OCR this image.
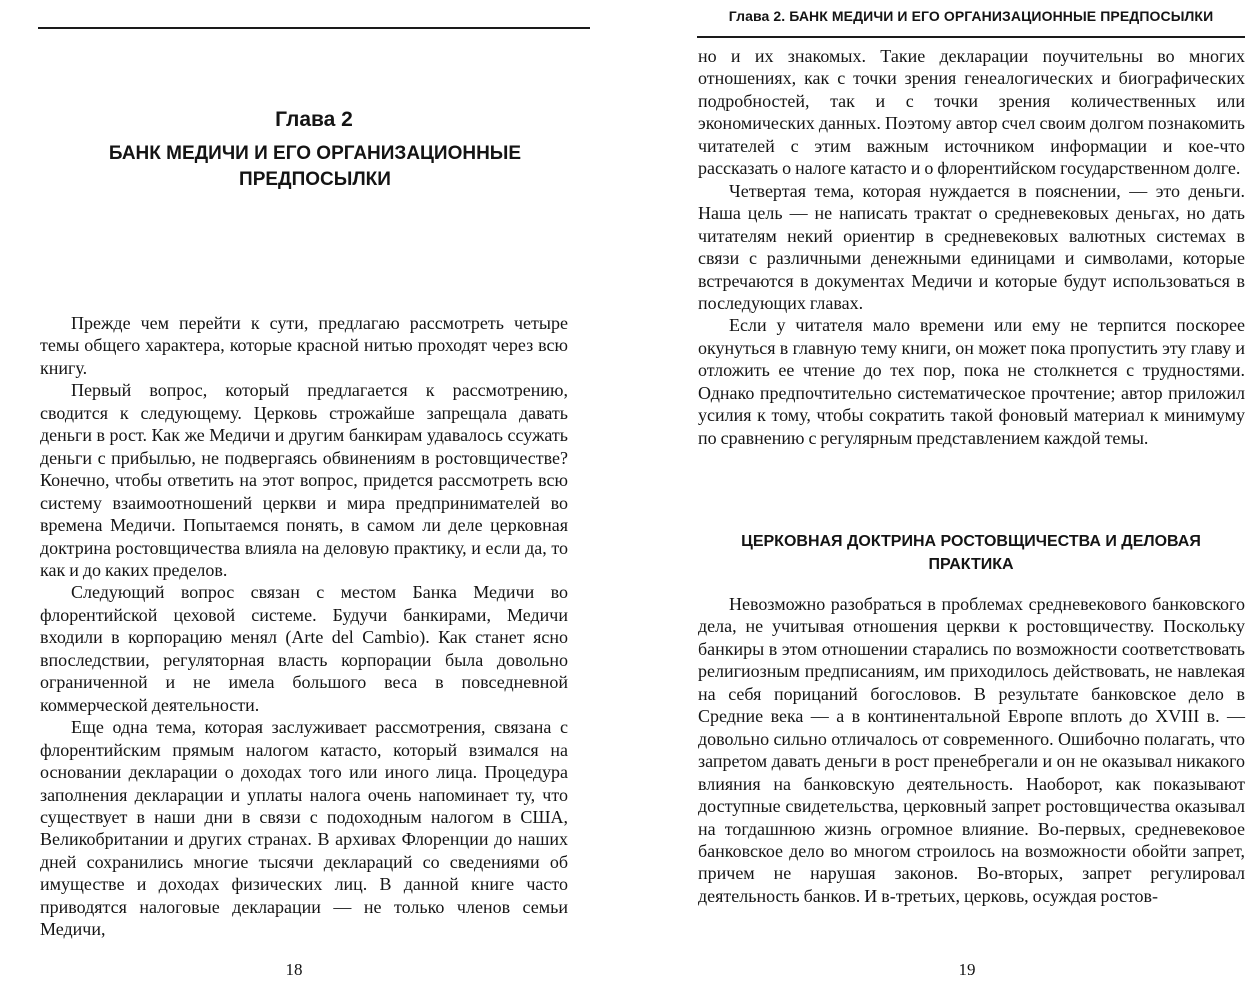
Глава 2
БАНК МЕДИЧИ И ЕГО ОРГАНИЗАЦИОННЫЕ ПРЕДПОСЫЛКИ

Прежде чем перейти к сути, предлагаю рассмотреть четыре темы общего характера, которые красной нитью проходят через всю книгу.

Первый вопрос, который предлагается к рассмотрению, сводится к следующему. Церковь строжайше запрещала давать деньги в рост. Как же Медичи и другим банкирам удавалось ссужать деньги с прибылью, не подвергаясь обвинениям в ростовщичестве? Конечно, чтобы ответить на этот вопрос, придется рассмотреть всю систему взаимоотношений церкви и мира предпринимателей во времена Медичи. Попытаемся понять, в самом ли деле церковная доктрина ростовщичества влияла на деловую практику, и если да, то как и до каких пределов.

Следующий вопрос связан с местом Банка Медичи во флорентийской цеховой системе. Будучи банкирами, Медичи входили в корпорацию менял (Arte del Cambio). Как станет ясно впоследствии, регуляторная власть корпорации была довольно ограниченной и не имела большого веса в повседневной коммерческой деятельности.

Еще одна тема, которая заслуживает рассмотрения, связана с флорентийским прямым налогом катасто, который взимался на основании декларации о доходах того или иного лица. Процедура заполнения декларации и уплаты налога очень напоминает ту, что существует в наши дни в связи с подоходным налогом в США, Великобритании и других странах. В архивах Флоренции до наших дней сохранились многие тысячи деклараций со сведениями об имуществе и доходах физических лиц. В данной книге часто приводятся налоговые декларации — не только членов семьи Медичи,

18
Глава 2. БАНК МЕДИЧИ И ЕГО ОРГАНИЗАЦИОННЫЕ ПРЕДПОСЫЛКИ

но и их знакомых. Такие декларации поучительны во многих отношениях, как с точки зрения генеалогических и биографических подробностей, так и с точки зрения количественных или экономических данных. Поэтому автор счел своим долгом познакомить читателей с этим важным источником информации и кое-что рассказать о налоге катасто и о флорентийском государственном долге.

Четвертая тема, которая нуждается в пояснении, — это деньги. Наша цель — не написать трактат о средневековых деньгах, но дать читателям некий ориентир в средневековых валютных системах в связи с различными денежными единицами и символами, которые встречаются в документах Медичи и которые будут использоваться в последующих главах.

Если у читателя мало времени или ему не терпится поскорее окунуться в главную тему книги, он может пока пропустить эту главу и отложить ее чтение до тех пор, пока не столкнется с трудностями. Однако предпочтительно систематическое прочтение; автор приложил усилия к тому, чтобы сократить такой фоновый материал к минимуму по сравнению с регулярным представлением каждой темы.

ЦЕРКОВНАЯ ДОКТРИНА РОСТОВЩИЧЕСТВА И ДЕЛОВАЯ ПРАКТИКА

Невозможно разобраться в проблемах средневекового банковского дела, не учитывая отношения церкви к ростовщичеству. Поскольку банкиры в этом отношении старались по возможности соответствовать религиозным предписаниям, им приходилось действовать, не навлекая на себя порицаний богословов. В результате банковское дело в Средние века — а в континентальной Европе вплоть до XVIII в. — довольно сильно отличалось от современного. Ошибочно полагать, что запретом давать деньги в рост пренебрегали и он не оказывал никакого влияния на банковскую деятельность. Наоборот, как показывают доступные свидетельства, церковный запрет ростовщичества оказывал на тогдашнюю жизнь огромное влияние. Во-первых, средневековое банковское дело во многом строилось на возможности обойти запрет, причем не нарушая законов. Во-вторых, запрет регулировал деятельность банков. И в-третьих, церковь, осуждая ростов-

19
